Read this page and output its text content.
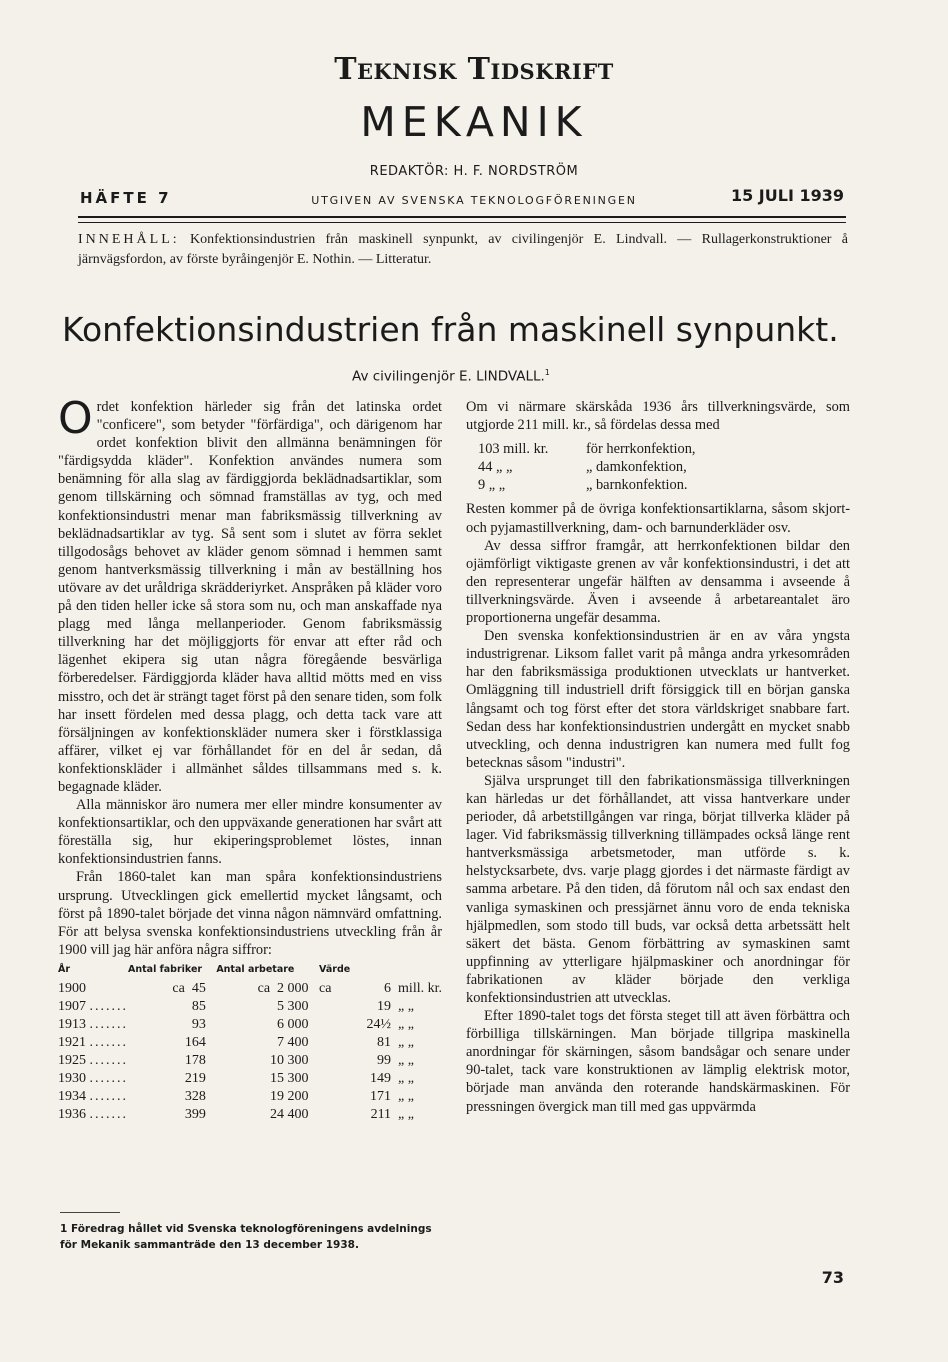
Teknisk Tidskrift
MEKANIK
REDAKTÖR: H. F. NORDSTRÖM
HÄFTE 7	UTGIVEN AV SVENSKA TEKNOLOGFÖRENINGEN	15 JULI 1939
INNEHÅLL: Konfektionsindustrien från maskinell synpunkt, av civilingenjör E. Lindvall. — Rullagerkonstruktioner å järnvägsfordon, av förste byråingenjör E. Nothin. — Litteratur.
Konfektionsindustrien från maskinell synpunkt.
Av civilingenjör E. LINDVALL.$^1$

Ordet konfektion härleder sig från det latinska ordet "conficere", som betyder "förfärdiga", och därigenom har ordet konfektion blivit den allmänna benämningen för "färdigsydda kläder". Konfektion användes numera som benämning för alla slag av färdiggjorda beklädnadsartiklar, som genom tillskärning och sömnad framställas av tyg, och med konfektionsindustri menar man fabriksmässig tillverkning av beklädnadsartiklar av tyg. Så sent som i slutet av förra seklet tillgodosågs behovet av kläder genom sömnad i hemmen samt genom hantverksmässig tillverkning i mån av beställning hos utövare av det uråldriga skrädderiyrket. Anspråken på kläder voro på den tiden heller icke så stora som nu, och man anskaffade nya plagg med långa mellanperioder. Genom fabriksmässig tillverkning har det möjliggjorts för envar att efter råd och lägenhet ekipera sig utan några föregående besvärliga förberedelser. Färdiggjorda kläder hava alltid mötts med en viss misstro, och det är strängt taget först på den senare tiden, som folk har insett fördelen med dessa plagg, och detta tack vare att försäljningen av konfektionskläder numera sker i förstklassiga affärer, vilket ej var förhållandet för en del år sedan, då konfektionskläder i allmänhet såldes tillsammans med s. k. begagnade kläder.

Alla människor äro numera mer eller mindre konsumenter av konfektionsartiklar, och den uppväxande generationen har svårt att föreställa sig, hur ekiperingsproblemet löstes, innan konfektionsindustrien fanns.

Från 1860-talet kan man spåra konfektionsindustriens ursprung. Utvecklingen gick emellertid mycket långsamt, och först på 1890-talet började det vinna någon nämnvärd omfattning. För att belysa svenska konfektionsindustriens utveckling från år 1900 vill jag här anföra några siffror:

År	Antal fabriker	Antal arbetare	Värde
1900	ca 45	ca 2 000	ca 6 mill. kr.
1907 .......	85	5 300	19 „ „
1913 .......	93	6 000	24½ „ „
1921 .......	164	7 400	81 „ „
1925 .......	178	10 300	99 „ „
1930 .......	219	15 300	149 „ „
1934 .......	328	19 200	171 „ „
1936 .......	399	24 400	211 „ „
1 Föredrag hållet vid Svenska teknologföreningens avdelnings för Mekanik sammanträde den 13 december 1938.

Om vi närmare skärskåda 1936 års tillverkningsvärde, som utgjorde 211 mill. kr., så fördelas dessa med

103 mill. kr.	för herrkonfektion,
44 „ „	„ damkonfektion,
9 „ „	„ barnkonfektion.

Resten kommer på de övriga konfektionsartiklarna, såsom skjort- och pyjamastillverkning, dam- och barnunderkläder osv.

Av dessa siffror framgår, att herrkonfektionen bildar den ojämförligt viktigaste grenen av vår konfektionsindustri, i det att den representerar ungefär hälften av densamma i avseende å tillverkningsvärde. Även i avseende å arbetareantalet äro proportionerna ungefär desamma.

Den svenska konfektionsindustrien är en av våra yngsta industrigrenar. Liksom fallet varit på många andra yrkesområden har den fabriksmässiga produktionen utvecklats ur hantverket. Omläggning till industriell drift försiggick till en början ganska långsamt och tog först efter det stora världskriget snabbare fart. Sedan dess har konfektionsindustrien undergått en mycket snabb utveckling, och denna industrigren kan numera med fullt fog betecknas såsom "industri".

Själva ursprunget till den fabrikationsmässiga tillverkningen kan härledas ur det förhållandet, att vissa hantverkare under perioder, då arbetstillgången var ringa, börjat tillverka kläder på lager. Vid fabriksmässig tillverkning tillämpades också länge rent hantverksmässiga arbetsmetoder, man utförde s. k. helstycksarbete, dvs. varje plagg gjordes i det närmaste färdigt av samma arbetare. På den tiden, då förutom nål och sax endast den vanliga symaskinen och pressjärnet ännu voro de enda tekniska hjälpmedlen, som stodo till buds, var också detta arbetssätt helt säkert det bästa. Genom förbättring av symaskinen samt uppfinning av ytterligare hjälpmaskiner och anordningar för fabrikationen av kläder började den verkliga konfektionsindustrien att utvecklas.

Efter 1890-talet togs det första steget till att även förbättra och förbilliga tillskärningen. Man började tillgripa maskinella anordningar för skärningen, såsom bandsågar och senare under 90-talet, tack vare konstruktionen av lämplig elektrisk motor, började man använda den roterande handskärmaskinen. För pressningen övergick man till med gas uppvärmda

73
